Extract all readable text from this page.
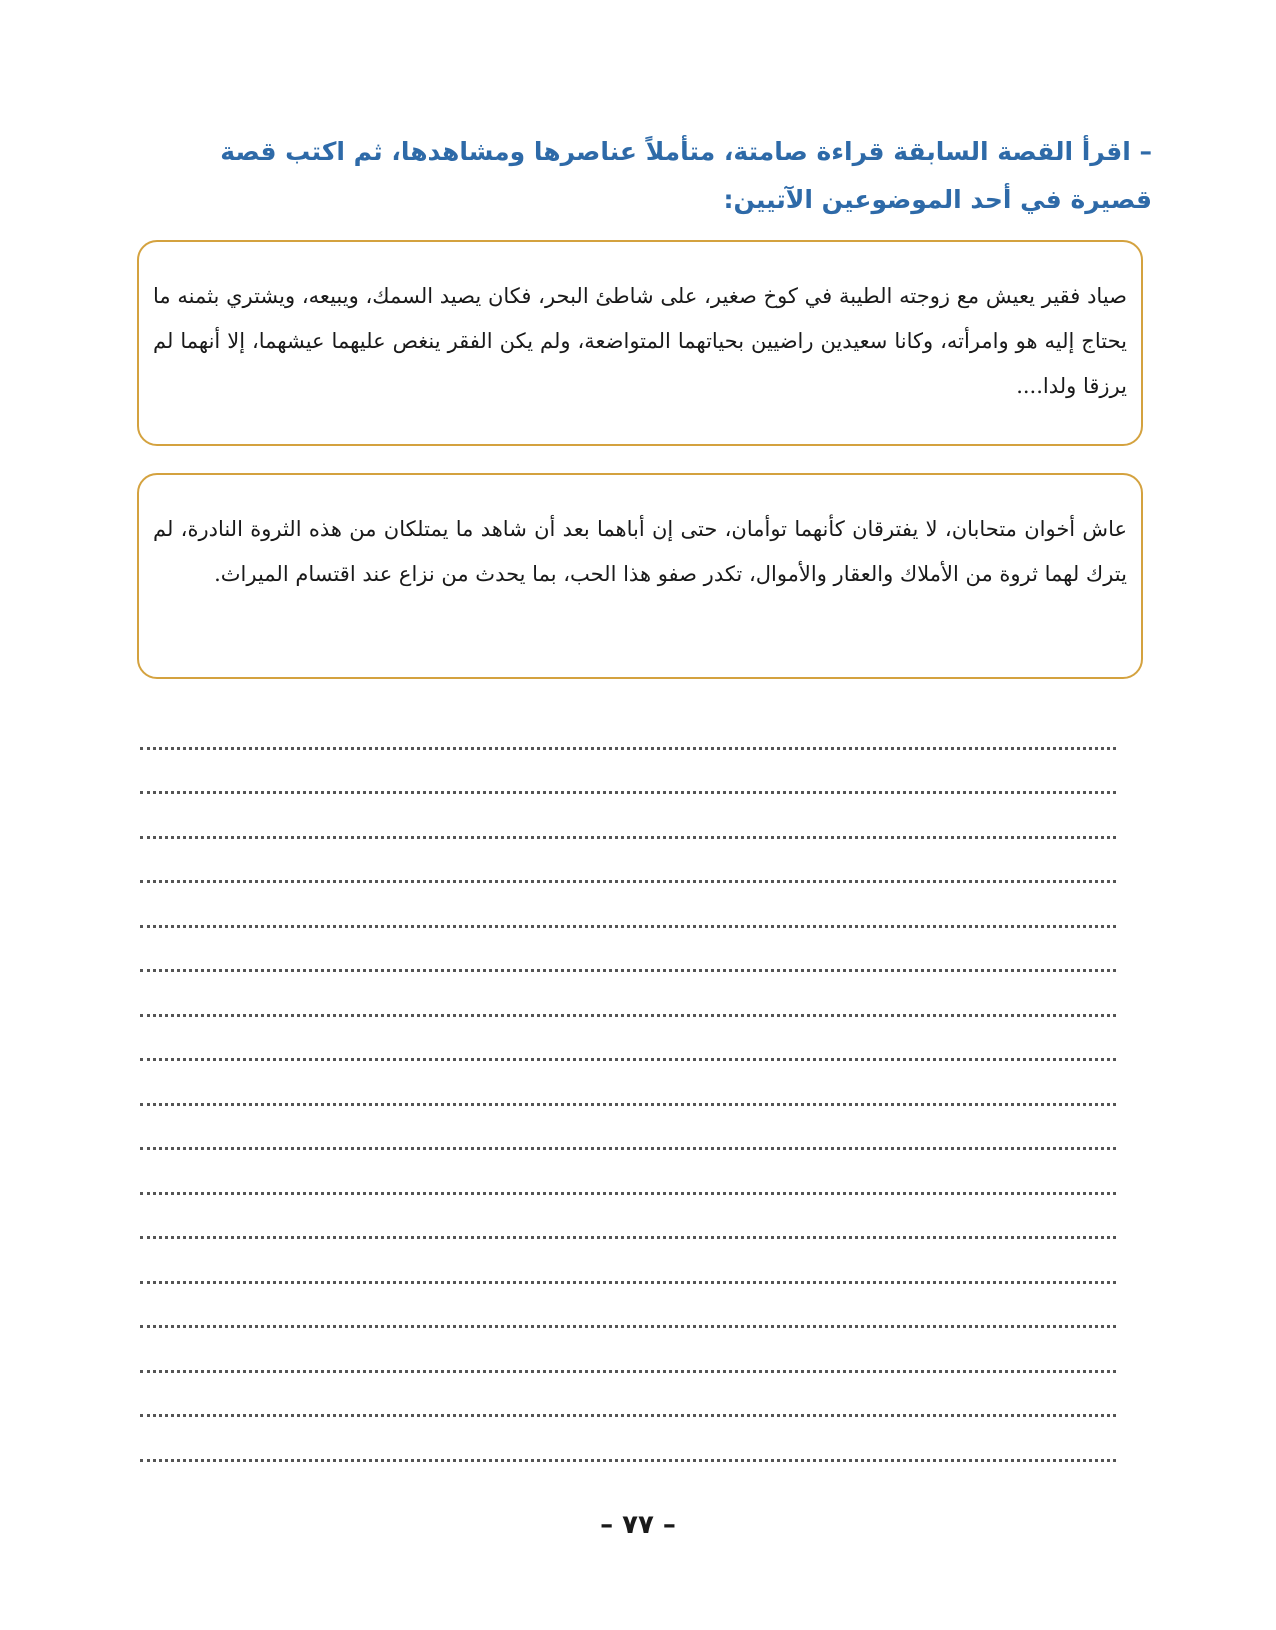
– اقرأ القصة السابقة قراءة صامتة، متأملاً عناصرها ومشاهدها، ثم اكتب قصة قصيرة في أحد الموضوعين الآتيين:
صياد فقير يعيش مع زوجته الطيبة في كوخ صغير، على شاطئ البحر، فكان يصيد السمك، ويبيعه، ويشتري بثمنه ما يحتاج إليه هو وامرأته، وكانا سعيدين راضيين بحياتهما المتواضعة، ولم يكن الفقر ينغص عليهما عيشهما، إلا أنهما لم يرزقا ولدا....
عاش أخوان متحابان، لا يفترقان كأنهما توأمان، حتى إن أباهما بعد أن شاهد ما يمتلكان من هذه الثروة النادرة، لم يترك لهما ثروة من الأملاك والعقار والأموال، تكدر صفو هذا الحب، بما يحدث من نزاع عند اقتسام الميراث.
– ٧٧ –
